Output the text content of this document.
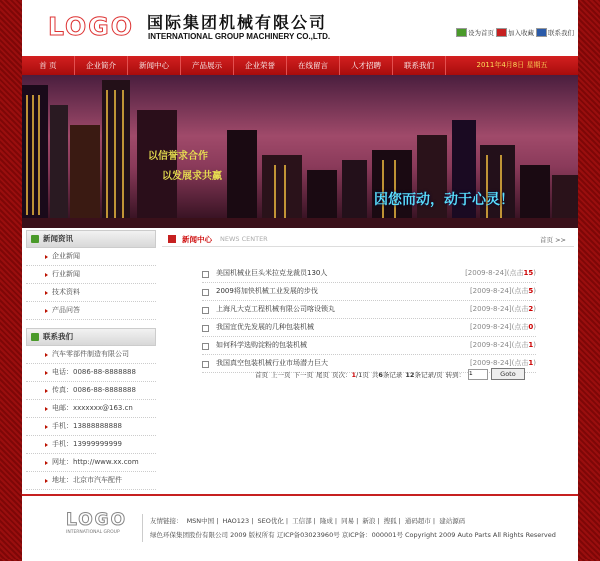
LOGO 国际集团机械有限公司
INTERNATIONAL GROUP MACHINERY CO.,LTD.	设为首页 加入收藏 联系我们
首 页	企业简介	新闻中心	产品展示	企业荣誉	在线留言	人才招聘	联系我们	2011年4月8日 星期五
以信誉求合作
以发展求共赢
因您而动，动于心灵！
新闻资讯
企业新闻
行业新闻
技术资料
产品问答
联系我们
汽车零部件制造有限公司
电话：0086-88-8888888
传真：0086-88-8888888
电邮：xxxxxxx@163.cn
手机：13888888888
手机：13999999999
网址：http://www.xx.com
地址：北京市汽车配件
新闻中心 NEWS CENTER	首页 >>
美国机械业巨头米拉克龙裁员130人	[2009-8-24](点击15)
2009将加快机械工业发展的步伐	[2009-8-24](点击5)
上海凡大克工程机械有限公司喀设锁丸	[2009-8-24](点击2)
我国宜优先发展的几种包装机械	[2009-8-24](点击0)
如何科学选购淀粉的包装机械	[2009-8-24](点击1)
我国真空包装机械行业市场潜力巨大	[2009-8-24](点击1)
首页 上一页 下一页 尾页 页次：1/1页 共6条记录 12条记录/页 转到：
1	Goto
LOGO
INTERNATIONAL GROUP
友情链接： MSN中国 | HAO123 | SEO优化 | 工信部 | 隆成 | 同易 | 新浪 | 搜狐 | 通码超市 | 建站源码
绿色环保集团股份有限公司 2009 版权所有 辽ICP备03023960号 京ICP备：000001号 Copyright 2009 Auto Parts All Rights Reserved
